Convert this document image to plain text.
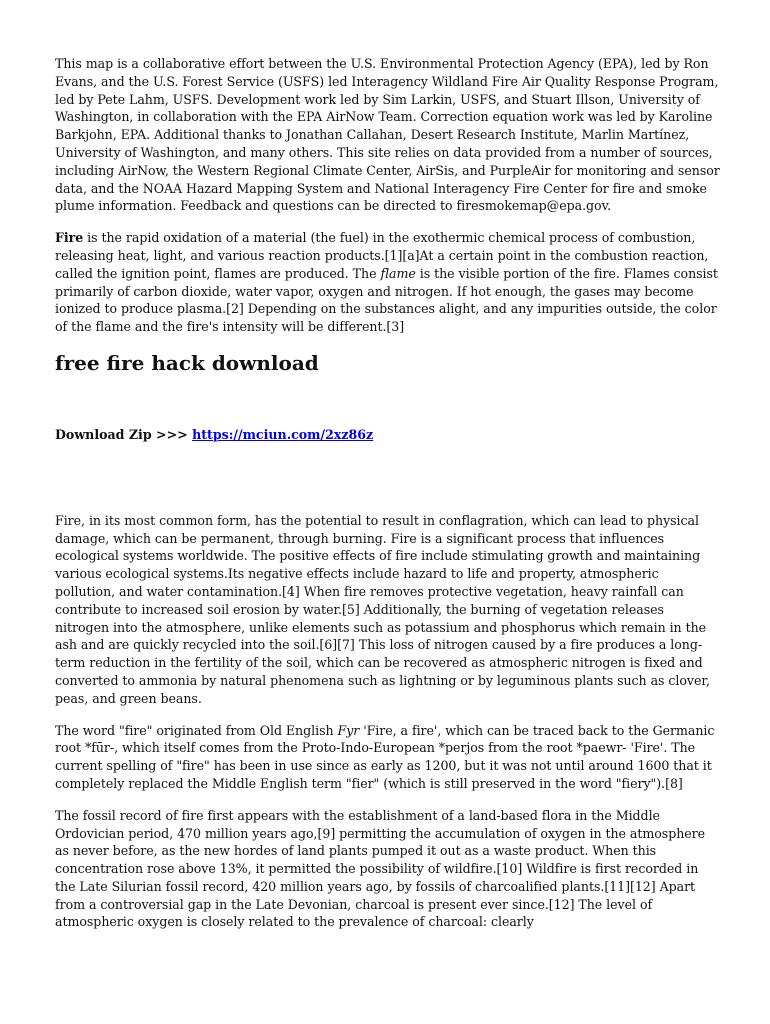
This map is a collaborative effort between the U.S. Environmental Protection Agency (EPA), led by Ron Evans, and the U.S. Forest Service (USFS) led Interagency Wildland Fire Air Quality Response Program, led by Pete Lahm, USFS. Development work led by Sim Larkin, USFS, and Stuart Illson, University of Washington, in collaboration with the EPA AirNow Team. Correction equation work was led by Karoline Barkjohn, EPA. Additional thanks to Jonathan Callahan, Desert Research Institute, Marlin Martínez, University of Washington, and many others. This site relies on data provided from a number of sources, including AirNow, the Western Regional Climate Center, AirSis, and PurpleAir for monitoring and sensor data, and the NOAA Hazard Mapping System and National Interagency Fire Center for fire and smoke plume information. Feedback and questions can be directed to firesmokemap@epa.gov.

Fire is the rapid oxidation of a material (the fuel) in the exothermic chemical process of combustion, releasing heat, light, and various reaction products.[1][a]At a certain point in the combustion reaction, called the ignition point, flames are produced. The flame is the visible portion of the fire. Flames consist primarily of carbon dioxide, water vapor, oxygen and nitrogen. If hot enough, the gases may become ionized to produce plasma.[2] Depending on the substances alight, and any impurities outside, the color of the flame and the fire's intensity will be different.[3]

free fire hack download
Download Zip >>> https://mciun.com/2xz86z

Fire, in its most common form, has the potential to result in conflagration, which can lead to physical damage, which can be permanent, through burning. Fire is a significant process that influences ecological systems worldwide. The positive effects of fire include stimulating growth and maintaining various ecological systems.Its negative effects include hazard to life and property, atmospheric pollution, and water contamination.[4] When fire removes protective vegetation, heavy rainfall can contribute to increased soil erosion by water.[5] Additionally, the burning of vegetation releases nitrogen into the atmosphere, unlike elements such as potassium and phosphorus which remain in the ash and are quickly recycled into the soil.[6][7] This loss of nitrogen caused by a fire produces a long-term reduction in the fertility of the soil, which can be recovered as atmospheric nitrogen is fixed and converted to ammonia by natural phenomena such as lightning or by leguminous plants such as clover, peas, and green beans.

The word "fire" originated from Old English Fyr 'Fire, a fire', which can be traced back to the Germanic root *fūr-, which itself comes from the Proto-Indo-European *perjos from the root *paewr- 'Fire'. The current spelling of "fire" has been in use since as early as 1200, but it was not until around 1600 that it completely replaced the Middle English term "fier" (which is still preserved in the word "fiery").[8]

The fossil record of fire first appears with the establishment of a land-based flora in the Middle Ordovician period, 470 million years ago,[9] permitting the accumulation of oxygen in the atmosphere as never before, as the new hordes of land plants pumped it out as a waste product. When this concentration rose above 13%, it permitted the possibility of wildfire.[10] Wildfire is first recorded in the Late Silurian fossil record, 420 million years ago, by fossils of charcoalified plants.[11][12] Apart from a controversial gap in the Late Devonian, charcoal is present ever since.[12] The level of atmospheric oxygen is closely related to the prevalence of charcoal: clearly
